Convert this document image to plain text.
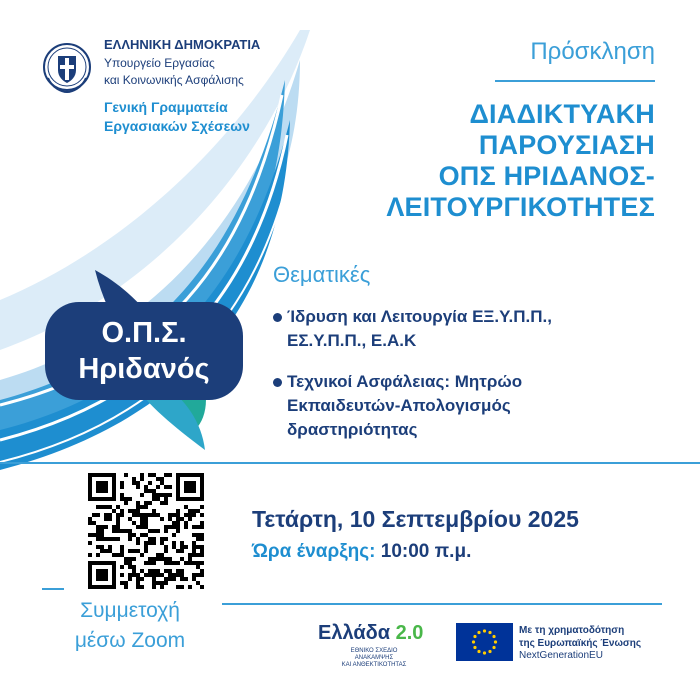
ΕΛΛΗΝΙΚΗ ΔΗΜΟΚΡΑΤΙΑ
Υπουργείο Εργασίας
και Κοινωνικής Ασφάλισης
Γενική Γραμματεία
Εργασιακών Σχέσεων
Πρόσκληση
ΔΙΑΔΙΚΤΥΑΚΗ
ΠΑΡΟΥΣΙΑΣΗ
ΟΠΣ ΗΡΙΔΑΝΟΣ-
ΛΕΙΤΟΥΡΓΙΚΟΤΗΤΕΣ
Ο.Π.Σ.
Ηριδανός
Θεματικές
Ίδρυση και Λειτουργία ΕΞ.Υ.Π.Π.,
ΕΣ.Υ.Π.Π., Ε.Α.Κ
Τεχνικοί Ασφάλειας: Μητρώο
Εκπαιδευτών-Απολογισμός
δραστηριότητας
Τετάρτη, 10 Σεπτεμβρίου 2025
Ώρα έναρξης: 10:00 π.μ.
Συμμετοχή
μέσω Zoom	Ελλάδα 2.0
ΕΘΝΙΚΟ ΣΧΕΔΙΟ ΑΝΑΚΑΜΨΗΣ
ΚΑΙ ΑΝΘΕΚΤΙΚΟΤΗΤΑΣ
Με τη χρηματοδότηση
της Ευρωπαϊκής Ένωσης
NextGenerationEU
